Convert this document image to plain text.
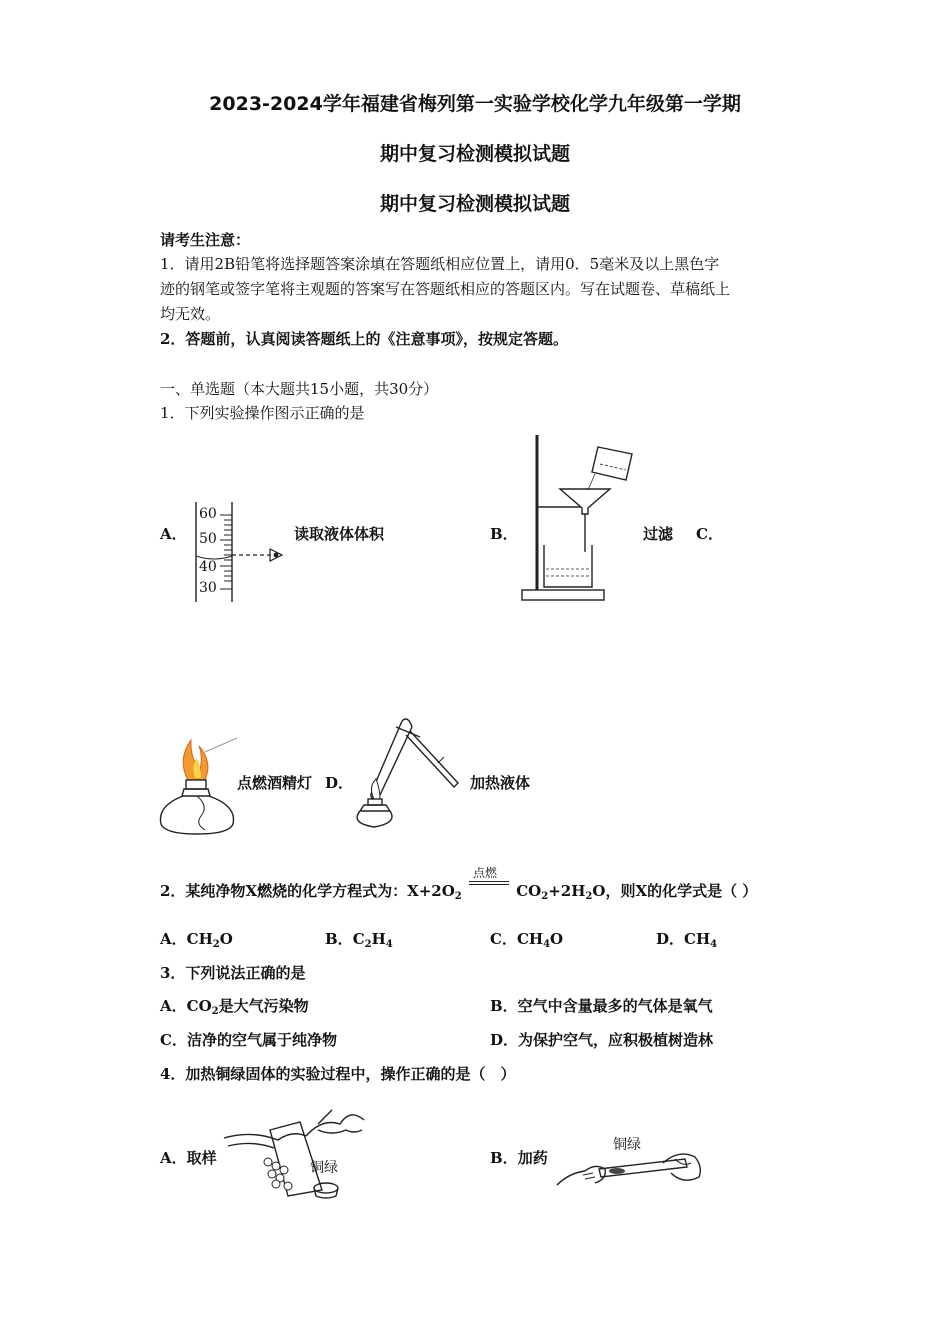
2023-2024学年福建省梅列第一实验学校化学九年级第一学期
期中复习检测模拟试题
期中复习检测模拟试题
请考生注意：
1．请用2B铅笔将选择题答案涂填在答题纸相应位置上，请用0．5毫米及以上黑色字
迹的钢笔或签字笔将主观题的答案写在答题纸相应的答题区内。写在试题卷、草稿纸上
均无效。
2．答题前，认真阅读答题纸上的《注意事项》，按规定答题。
一、单选题（本大题共15小题，共30分）
1．下列实验操作图示正确的是
A．
60
50
40
30
读取液体体积	B．	过滤 C．
点燃酒精灯 D．	加热液体
2．某纯净物X燃烧的化学方程式为：$X+2O_2$
点燃
$CO_2+2H_2O$，则X的化学式是（ ）
A．$CH_2O$	B．$C_2H_4$	C．$CH_4O$	D．$CH_4$
3．下列说法正确的是
A．$CO_2$是大气污染物	B．空气中含量最多的气体是氧气
C．洁净的空气属于纯净物	D．为保护空气，应积极植树造林
4．加热铜绿固体的实验过程中，操作正确的是（　）
A．取样
铜绿
B．加药
铜绿
